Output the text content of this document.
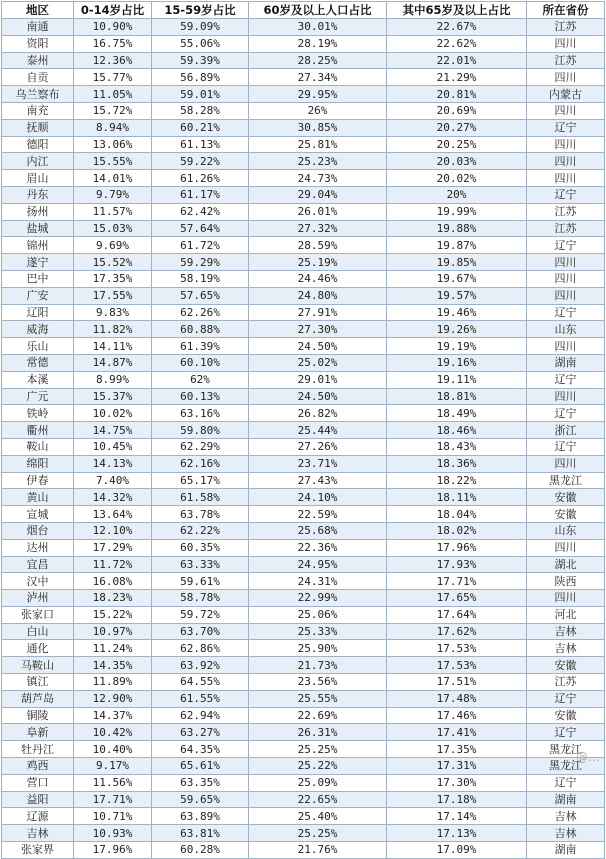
地区	0-14岁占比	15-59岁占比	60岁及以上人口占比	其中65岁及以上占比	所在省份
南通	10.90%	59.09%	30.01%	22.67%	江苏
资阳	16.75%	55.06%	28.19%	22.62%	四川
泰州	12.36%	59.39%	28.25%	22.01%	江苏
自贡	15.77%	56.89%	27.34%	21.29%	四川
乌兰察布	11.05%	59.01%	29.95%	20.81%	内蒙古
南充	15.72%	58.28%	26%	20.69%	四川
抚顺	8.94%	60.21%	30.85%	20.27%	辽宁
德阳	13.06%	61.13%	25.81%	20.25%	四川
内江	15.55%	59.22%	25.23%	20.03%	四川
眉山	14.01%	61.26%	24.73%	20.02%	四川
丹东	9.79%	61.17%	29.04%	20%	辽宁
扬州	11.57%	62.42%	26.01%	19.99%	江苏
盐城	15.03%	57.64%	27.32%	19.88%	江苏
锦州	9.69%	61.72%	28.59%	19.87%	辽宁
遂宁	15.52%	59.29%	25.19%	19.85%	四川
巴中	17.35%	58.19%	24.46%	19.67%	四川
广安	17.55%	57.65%	24.80%	19.57%	四川
辽阳	9.83%	62.26%	27.91%	19.46%	辽宁
威海	11.82%	60.88%	27.30%	19.26%	山东
乐山	14.11%	61.39%	24.50%	19.19%	四川
常德	14.87%	60.10%	25.02%	19.16%	湖南
本溪	8.99%	62%	29.01%	19.11%	辽宁
广元	15.37%	60.13%	24.50%	18.81%	四川
铁岭	10.02%	63.16%	26.82%	18.49%	辽宁
衢州	14.75%	59.80%	25.44%	18.46%	浙江
鞍山	10.45%	62.29%	27.26%	18.43%	辽宁
绵阳	14.13%	62.16%	23.71%	18.36%	四川
伊春	7.40%	65.17%	27.43%	18.22%	黑龙江
黄山	14.32%	61.58%	24.10%	18.11%	安徽
宣城	13.64%	63.78%	22.59%	18.04%	安徽
烟台	12.10%	62.22%	25.68%	18.02%	山东
达州	17.29%	60.35%	22.36%	17.96%	四川
宜昌	11.72%	63.33%	24.95%	17.93%	湖北
汉中	16.08%	59.61%	24.31%	17.71%	陕西
泸州	18.23%	58.78%	22.99%	17.65%	四川
张家口	15.22%	59.72%	25.06%	17.64%	河北
白山	10.97%	63.70%	25.33%	17.62%	吉林
通化	11.24%	62.86%	25.90%	17.53%	吉林
马鞍山	14.35%	63.92%	21.73%	17.53%	安徽
镇江	11.89%	64.55%	23.56%	17.51%	江苏
葫芦岛	12.90%	61.55%	25.55%	17.48%	辽宁
铜陵	14.37%	62.94%	22.69%	17.46%	安徽
阜新	10.42%	63.27%	26.31%	17.41%	辽宁
牡丹江	10.40%	64.35%	25.25%	17.35%	黑龙江
鸡西	9.17%	65.61%	25.22%	17.31%	黑龙江
营口	11.56%	63.35%	25.09%	17.30%	辽宁
益阳	17.71%	59.65%	22.65%	17.18%	湖南
辽源	10.71%	63.89%	25.40%	17.14%	吉林
吉林	10.93%	63.81%	25.25%	17.13%	吉林
张家界	17.96%	60.28%	21.76%	17.09%	湖南
@…
